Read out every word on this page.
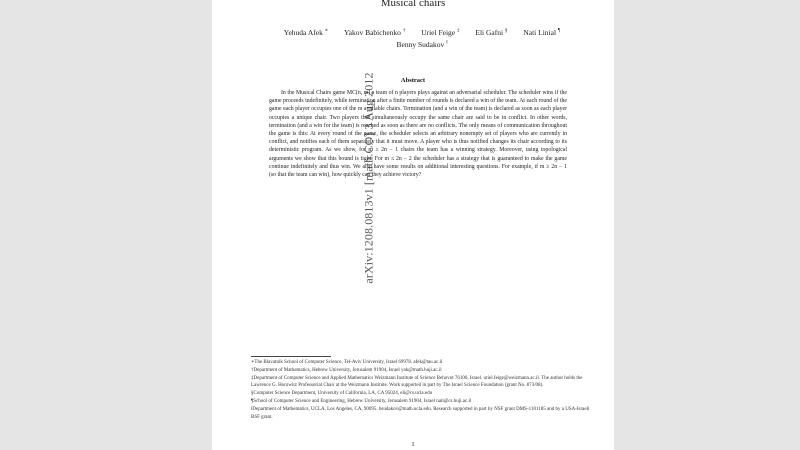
Musical chairs
Yehuda Afek ∗ Yakov Babichenko † Uriel Feige ‡ Eli Gafni § Nati Linial ¶
Benny Sudakov ‖
arXiv:1208.0813v1 [math.CO] 3 Aug 2012	Abstract

In the Musical Chairs game MC(n, m) a team of n players plays against an adversarial scheduler. The scheduler wins if the game proceeds indefinitely, while termination after a finite number of rounds is declared a win of the team. At each round of the game each player occupies one of the m available chairs. Termination (and a win of the team) is declared as soon as each player occupies a unique chair. Two players that simultaneously occupy the same chair are said to be in conflict. In other words, termination (and a win for the team) is reached as soon as there are no conflicts. The only means of communication throughout the game is this: At every round of the game, the scheduler selects an arbitrary nonempty set of players who are currently in conflict, and notifies each of them separately that it must move. A player who is thus notified changes its chair according to its deterministic program. As we show, for m ≥ 2n − 1 chairs the team has a winning strategy. Moreover, using topological arguments we show that this bound is tight. For m ≤ 2n − 2 the scheduler has a strategy that is guaranteed to make the game continue indefinitely and thus win. We also have some results on additional interesting questions. For example, if m ≥ 2n − 1 (so that the team can win), how quickly can they achieve victory?

∗The Blavatnik School of Computer Science, Tel-Aviv University, Israel 69978. afek@tau.ac.il
†Department of Mathematics, Hebrew University, Jerusalem 91904, Israel yak@math.huji.ac.il
‡Department of Computer Science and Applied Mathematics Weizmann Institute of Science Rehovot 76100, Israel. uriel.feige@weizmann.ac.il. The author holds the Lawrence G. Horowitz Professorial Chair at the Weizmann Institute. Work supported in part by The Israel Science Foundation (grant No. 873/08).
§Computer Science Department, University of California, LA, CA 95024, eli@cs.ucla.edu
¶School of Computer Science and Engineering, Hebrew University, Jerusalem 91904, Israel nati@cs.huji.ac.il
‖Department of Mathematics, UCLA, Los Angeles, CA, 90095. bsudakov@math.ucla.edu. Research supported in part by NSF grant DMS-1101185 and by a USA-Israeli BSF grant.
1
